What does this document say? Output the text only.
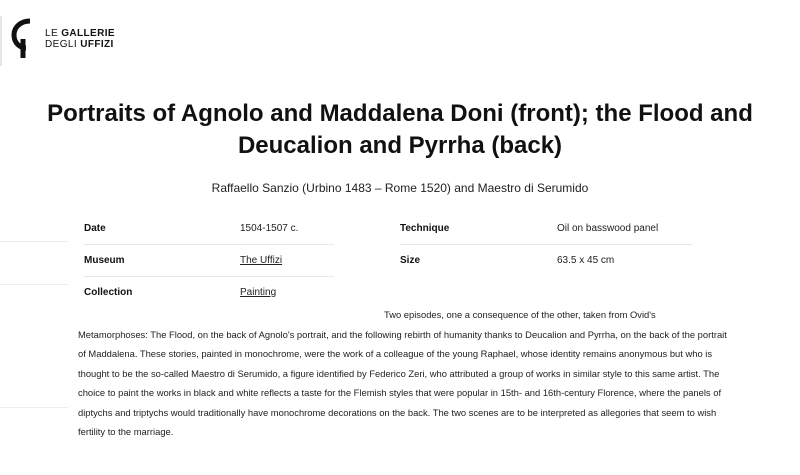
LE GALLERIE
DEGLI UFFIZI
Portraits of Agnolo and Maddalena Doni (front); the Flood and Deucalion and Pyrrha (back)
Raffaello Sanzio (Urbino 1483 – Rome 1520) and Maestro di Serumido
Date	1504-1507 c.
Museum	The Uffizi
Collection	Painting
Technique	Oil on basswood panel
Size	63.5 x 45 cm

Two episodes, one a consequence of the other, taken from Ovid's Metamorphoses: The Flood, on the back of Agnolo's portrait, and the following rebirth of humanity thanks to Deucalion and Pyrrha, on the back of the portrait of Maddalena. These stories, painted in monochrome, were the work of a colleague of the young Raphael, whose identity remains anonymous but who is thought to be the so-called Maestro di Serumido, a figure identified by Federico Zeri, who attributed a group of works in similar style to this same artist. The choice to paint the works in black and white reflects a taste for the Flemish styles that were popular in 15th- and 16th-century Florence, where the panels of diptychs and triptychs would traditionally have monochrome decorations on the back. The two scenes are to be interpreted as allegories that seem to wish fertility to the marriage.
